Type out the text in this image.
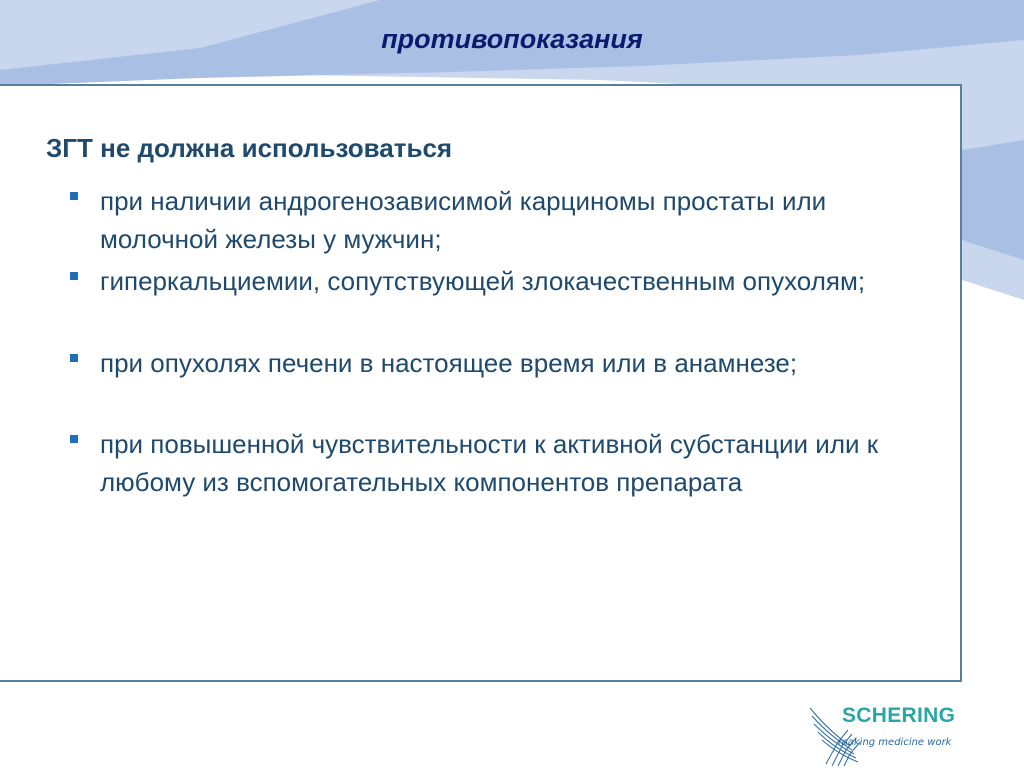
противопоказания
ЗГТ не должна использоваться
при наличии андрогенозависимой карциномы простаты или молочной железы у мужчин;
гиперкальциемии, сопутствующей злокачественным опухолям;
при опухолях печени в настоящее время или в анамнезе;
при повышенной чувствительности к активной субстанции или к любому из вспомогательных компонентов препарата
SCHERING
making medicine work
